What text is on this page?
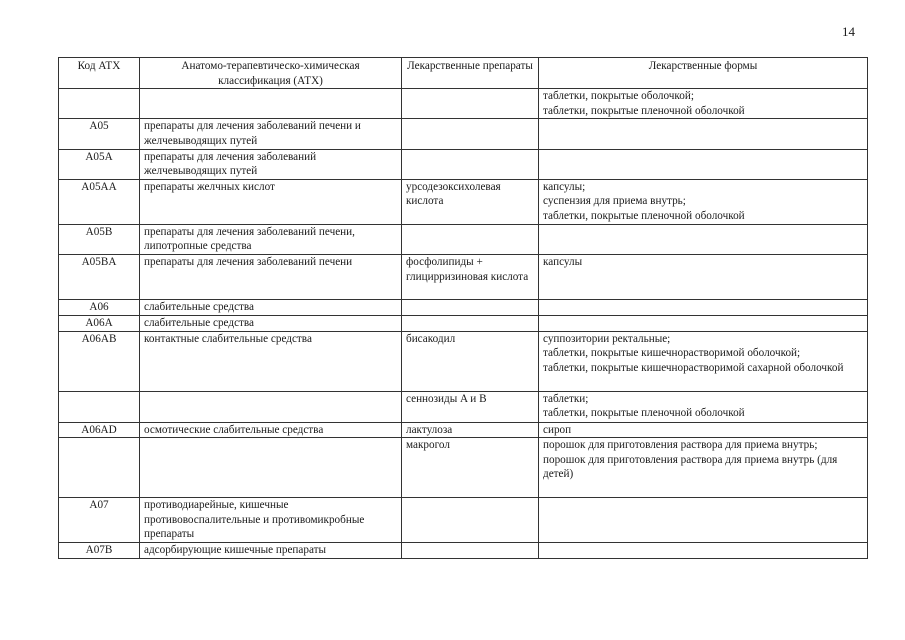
14
Код АТХ	Анатомо-терапевтическо-химическая классификация (АТХ)	Лекарственные препараты	Лекарственные формы

			таблетки, покрытые оболочкой;
таблетки, покрытые пленочной оболочкой

A05	препараты для лечения заболеваний печени и желчевыводящих путей		
A05A	препараты для лечения заболеваний желчевыводящих путей		
A05AA	препараты желчных кислот	урсодезоксихолевая кислота	капсулы;
суспензия для приема внутрь;
таблетки, покрытые пленочной оболочкой

A05B	препараты для лечения заболеваний печени, липотропные средства		
A05BA	препараты для лечения заболеваний печени	фосфолипиды + глицирризиновая кислота	капсулы

A06	слабительные средства		
A06A	слабительные средства		
A06AB	контактные слабительные средства	бисакодил	суппозитории ректальные;
таблетки, покрытые кишечнорастворимой оболочкой;
таблетки, покрытые кишечнорастворимой сахарной оболочкой

		сеннозиды A и B	таблетки;
таблетки, покрытые пленочной оболочкой

A06AD	осмотические слабительные средства	лактулоза	сироп

		макрогол	порошок для приготовления раствора для приема внутрь;
порошок для приготовления раствора для приема внутрь (для детей)

A07	противодиарейные, кишечные противовоспалительные и противомикробные препараты		
A07B	адсорбирующие кишечные препараты		
